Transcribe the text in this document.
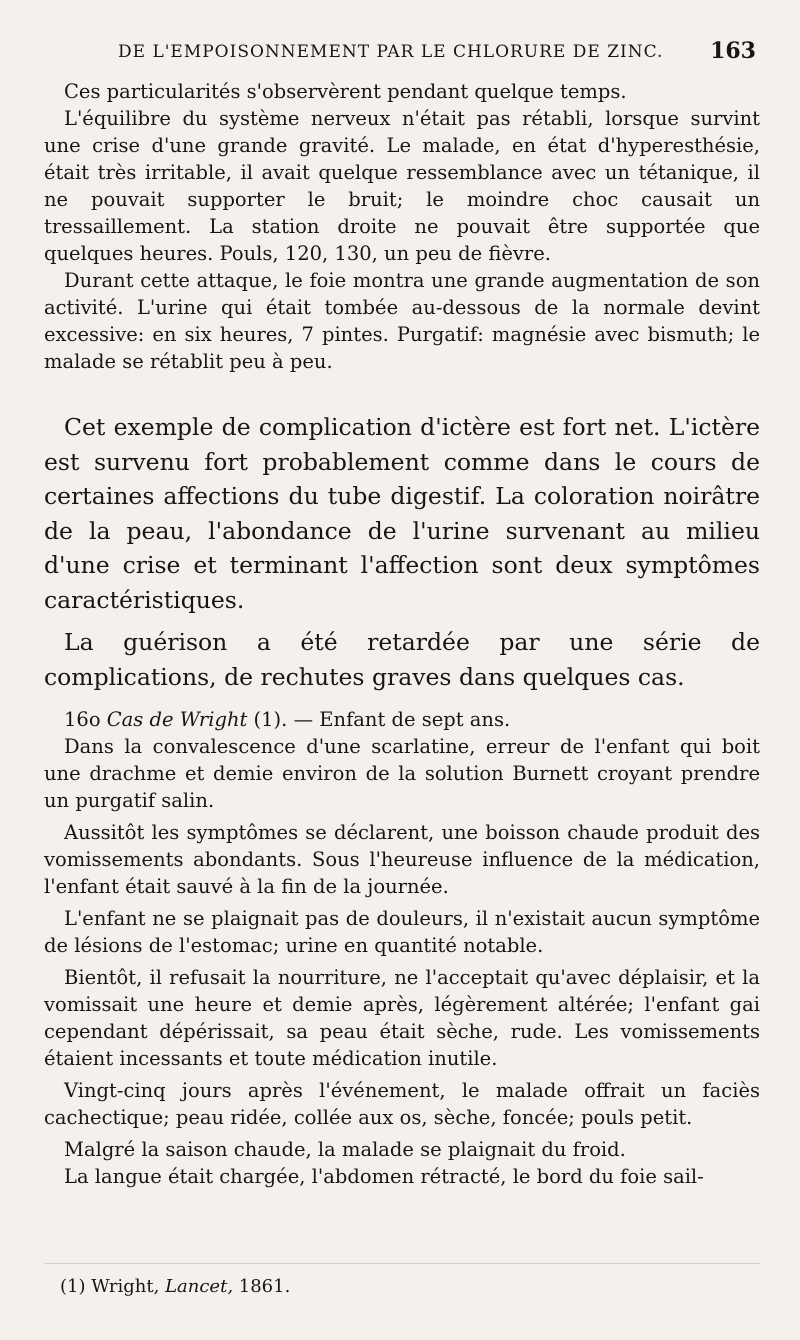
DE L'EMPOISONNEMENT PAR LE CHLORURE DE ZINC. 163

Ces particularités s'observèrent pendant quelque temps.

L'équilibre du système nerveux n'était pas rétabli, lorsque survint une crise d'une grande gravité. Le malade, en état d'hyperesthésie, était très irritable, il avait quelque ressemblance avec un tétanique, il ne pouvait supporter le bruit; le moindre choc causait un tressaillement. La station droite ne pouvait être supportée que quelques heures. Pouls, 120, 130, un peu de fièvre.

Durant cette attaque, le foie montra une grande augmentation de son activité. L'urine qui était tombée au-dessous de la normale devint excessive: en six heures, 7 pintes. Purgatif: magnésie avec bismuth; le malade se rétablit peu à peu.

Cet exemple de complication d'ictère est fort net. L'ictère est survenu fort probablement comme dans le cours de certaines affections du tube digestif. La coloration noirâtre de la peau, l'abondance de l'urine survenant au milieu d'une crise et terminant l'affection sont deux symptômes caractéristiques.

La guérison a été retardée par une série de complications, de rechutes graves dans quelques cas.

16o Cas de Wright (1). — Enfant de sept ans.

Dans la convalescence d'une scarlatine, erreur de l'enfant qui boit une drachme et demie environ de la solution Burnett croyant prendre un purgatif salin.

Aussitôt les symptômes se déclarent, une boisson chaude produit des vomissements abondants. Sous l'heureuse influence de la médication, l'enfant était sauvé à la fin de la journée.

L'enfant ne se plaignait pas de douleurs, il n'existait aucun symptôme de lésions de l'estomac; urine en quantité notable.

Bientôt, il refusait la nourriture, ne l'acceptait qu'avec déplaisir, et la vomissait une heure et demie après, légèrement altérée; l'enfant gai cependant dépérissait, sa peau était sèche, rude. Les vomissements étaient incessants et toute médication inutile.

Vingt-cinq jours après l'événement, le malade offrait un faciès cachectique; peau ridée, collée aux os, sèche, foncée; pouls petit.

Malgré la saison chaude, la malade se plaignait du froid.

La langue était chargée, l'abdomen rétracté, le bord du foie sail-

(1) Wright, Lancet, 1861.
